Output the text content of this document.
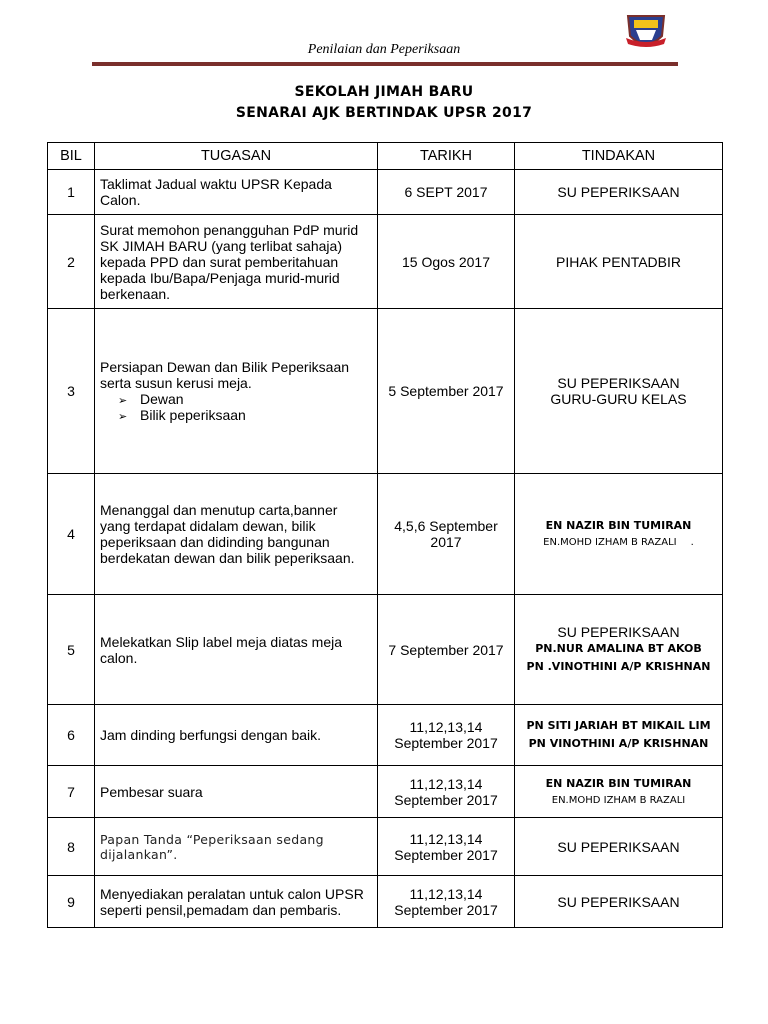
Penilaian dan Peperiksaan
SEKOLAH JIMAH BARU
SENARAI AJK BERTINDAK UPSR 2017
BIL	TUGASAN	TARIKH	TINDAKAN
1	Taklimat Jadual waktu UPSR Kepada
Calon.	6 SEPT 2017	SU PEPERIKSAAN
2	Surat memohon penangguhan PdP murid
SK JIMAH BARU (yang terlibat sahaja)
kepada PPD dan surat pemberitahuan
kepada Ibu/Bapa/Penjaga murid-murid
berkenaan.	15 Ogos 2017	PIHAK PENTADBIR
3	Persiapan Dewan dan Bilik Peperiksaan
serta susun kerusi meja.
➢ Dewan
➢ Bilik peperiksaan	5 September 2017	SU PEPERIKSAAN
GURU-GURU KELAS

4	Menanggal dan menutup carta,banner
yang terdapat didalam dewan, bilik
peperiksaan dan didinding bangunan
berdekatan dewan dan bilik peperiksaan.	4,5,6 September
2017	EN NAZIR BIN TUMIRAN
EN.MOHD IZHAM B RAZALI .

5	Melekatkan Slip label meja diatas meja
calon.	7 September 2017	SU PEPERIKSAAN
PN.NUR AMALINA BT AKOB
PN .VINOTHINI A/P KRISHNAN

6	Jam dinding berfungsi dengan baik.	11,12,13,14
September 2017	PN SITI JARIAH BT MIKAIL LIM
PN VINOTHINI A/P KRISHNAN

7	Pembesar suara	11,12,13,14
September 2017	EN NAZIR BIN TUMIRAN
EN.MOHD IZHAM B RAZALI

8	Papan Tanda “Peperiksaan sedang
dijalankan”.	11,12,13,14
September 2017	SU PEPERIKSAAN
9	Menyediakan peralatan untuk calon UPSR
seperti pensil,pemadam dan pembaris.	11,12,13,14
September 2017	SU PEPERIKSAAN
